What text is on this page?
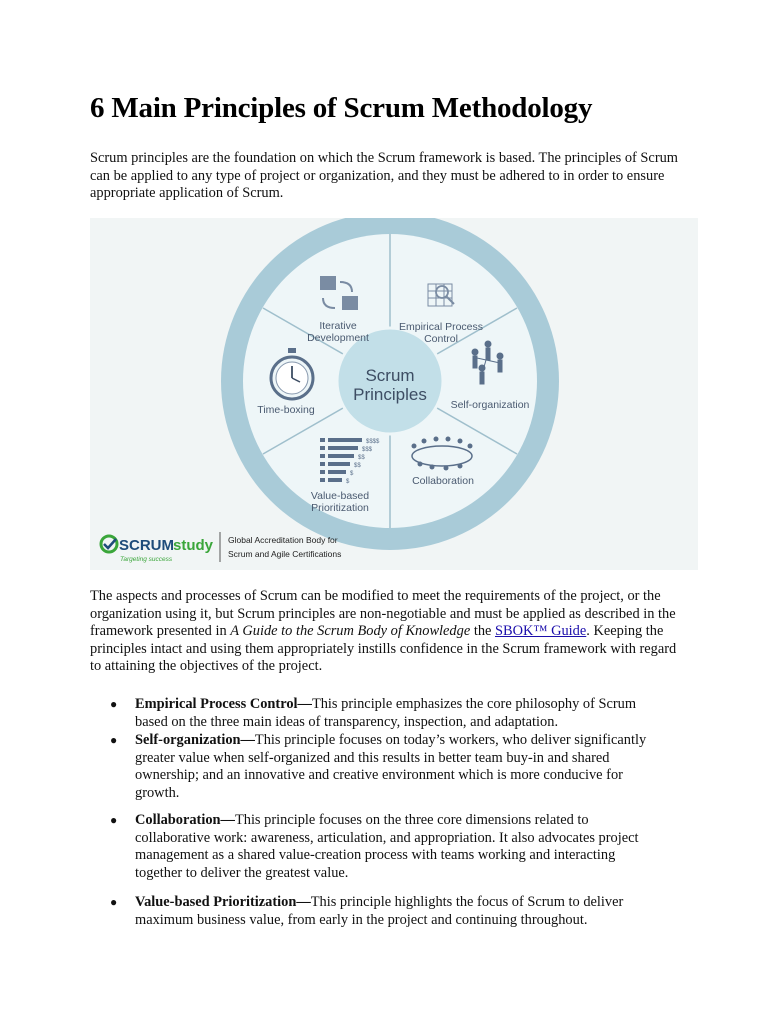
6 Main Principles of Scrum Methodology

Scrum principles are the foundation on which the Scrum framework is based. The principles of Scrum can be applied to any type of project or organization, and they must be adhered to in order to ensure appropriate application of Scrum.

Scrum
Principles
Iterative
Development
Empirical Process
Control
Self-organization
Collaboration
$$$$
$$$
$$
$$
$
$
Value-based
Prioritization
Time-boxing
SCRUM study
Targeting success
Global Accreditation Body for
Scrum and Agile Certifications

The aspects and processes of Scrum can be modified to meet the requirements of the project, or the organization using it, but Scrum principles are non-negotiable and must be applied as described in the framework presented in A Guide to the Scrum Body of Knowledge the SBOK™ Guide. Keeping the principles intact and using them appropriately instills confidence in the Scrum framework with regard to attaining the objectives of the project.

● Empirical Process Control—This principle emphasizes the core philosophy of Scrum based on the three main ideas of transparency, inspection, and adaptation.
● Self-organization—This principle focuses on today’s workers, who deliver significantly greater value when self-organized and this results in better team buy-in and shared ownership; and an innovative and creative environment which is more conducive for growth.
● Collaboration—This principle focuses on the three core dimensions related to collaborative work: awareness, articulation, and appropriation. It also advocates project management as a shared value-creation process with teams working and interacting together to deliver the greatest value.
● Value-based Prioritization—This principle highlights the focus of Scrum to deliver maximum business value, from early in the project and continuing throughout.
